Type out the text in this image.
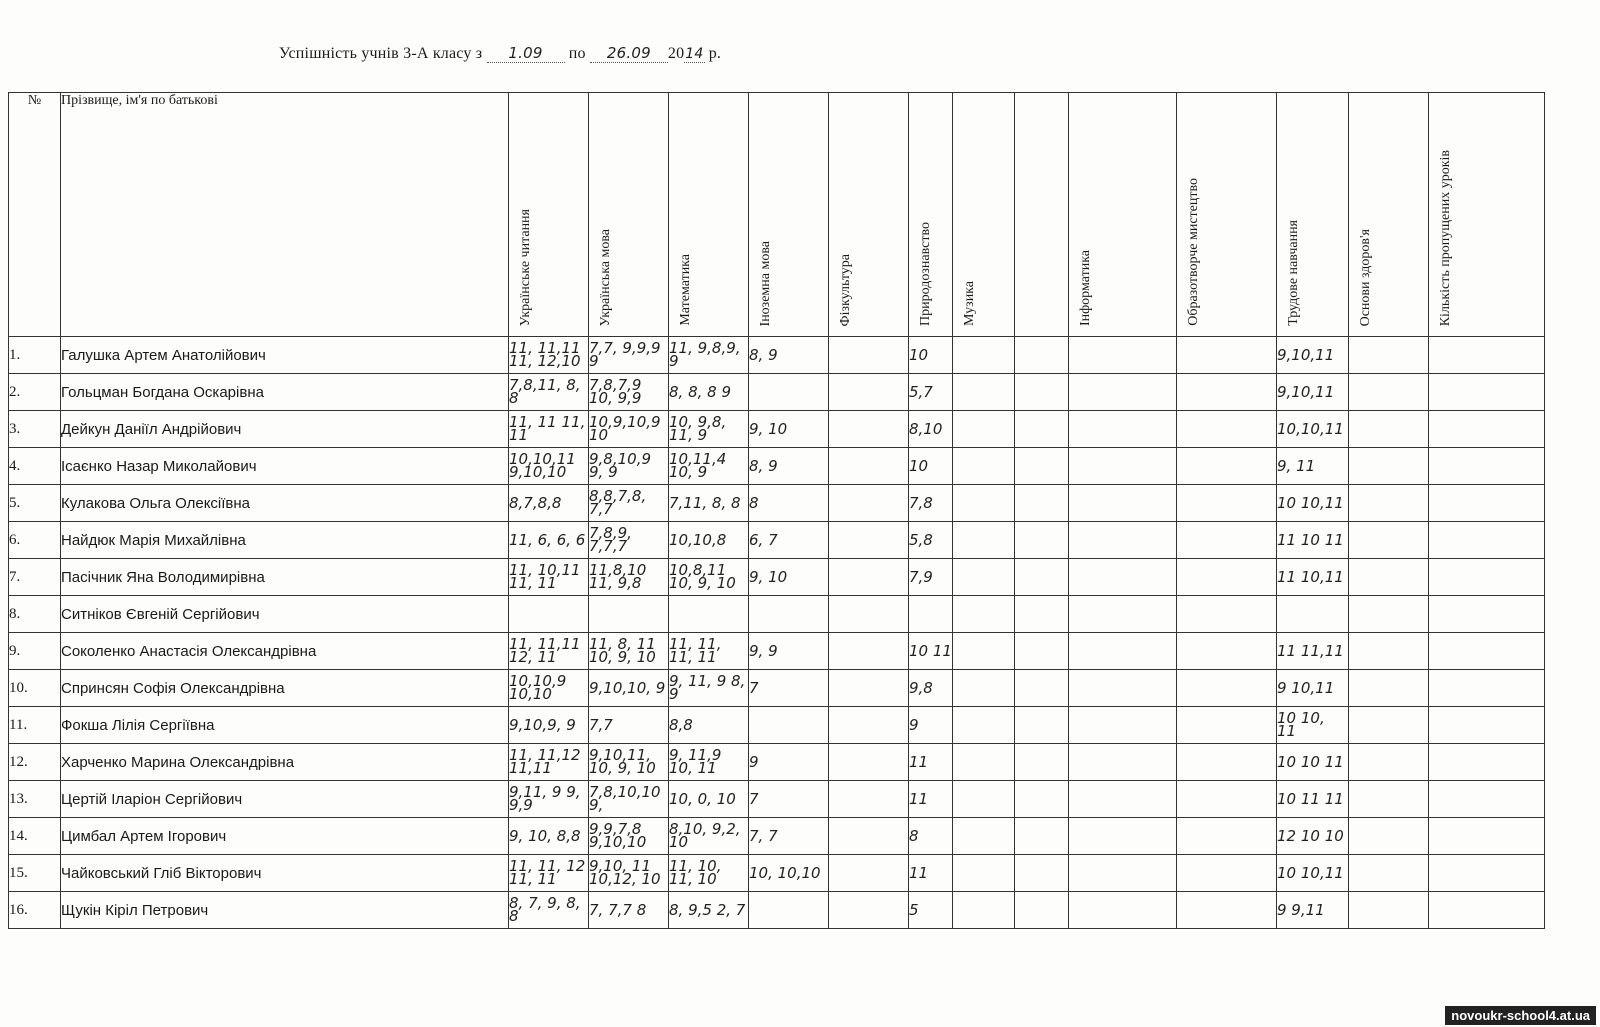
Успішність учнів 3-А класу з 1.09 по 26.09 2014 р.
№	Прізвище, ім'я по батькові	Українське читання	Українська мова	Математика	Іноземна мова	Фізкультура	Природознавство	Музика		Інформатика	Образотворче мистецтво	Трудове навчання	Основи здоров'я	Кількість пропущених уроків

1.	Галушка Артем Анатолійович	11, 11,11 11, 12,10	7,7, 9,9,9 9	11, 9,8,9, 9	8, 9		10					9,10,11		
2.	Гольцман Богдана Оскарівна	7,8,11, 8, 8	7,8,7,9 10, 9,9	8, 8, 8 9			5,7					9,10,11		
3.	Дейкун Даніїл Андрійович	11, 11 11, 11	10,9,10,9 10	10, 9,8, 11, 9	9, 10		8,10					10,10,11		
4.	Ісаєнко Назар Миколайович	10,10,11 9,10,10	9,8,10,9 9, 9	10,11,4 10, 9	8, 9		10					9, 11		
5.	Кулакова Ольга Олексіївна	8,7,8,8	8,8,7,8, 7,7	7,11, 8, 8	8		7,8					10 10,11		
6.	Найдюк Марія Михайлівна	11, 6, 6, 6	7,8,9, 7,7,7	10,10,8	6, 7		5,8					11 10 11		
7.	Пасічник Яна Володимирівна	11, 10,11 11, 11	11,8,10 11, 9,8	10,8,11 10, 9, 10	9, 10		7,9					11 10,11		
8.	Ситніков Євгеній Сергійович													
9.	Соколенко Анастасія Олександрівна	11, 11,11 12, 11	11, 8, 11 10, 9, 10	11, 11, 11, 11	9, 9		10 11					11 11,11		
10.	Спринсян Софія Олександрівна	10,10,9 10,10	9,10,10, 9	9, 11, 9 8, 9	7		9,8					9 10,11		
11.	Фокша Лілія Сергіївна	9,10,9, 9	7,7	8,8			9					10 10, 11		
12.	Харченко Марина Олександрівна	11, 11,12 11,11	9,10,11, 10, 9, 10	9, 11,9 10, 11	9		11					10 10 11		
13.	Цертій Іларіон Сергійович	9,11, 9 9, 9,9	7,8,10,10 9,	10, 0, 10	7		11					10 11 11		
14.	Цимбал Артем Ігорович	9, 10, 8,8	9,9,7,8 9,10,10	8,10, 9,2, 10	7, 7		8					12 10 10		
15.	Чайковський Гліб Вікторович	11, 11, 12 11, 11	9,10, 11 10,12, 10	11, 10, 11, 10	10, 10,10		11					10 10,11		
16.	Щукін Кіріл Петрович	8, 7, 9, 8, 8	7, 7,7 8	8, 9,5 2, 7			5					9 9,11		
novoukr-school4.at.ua
